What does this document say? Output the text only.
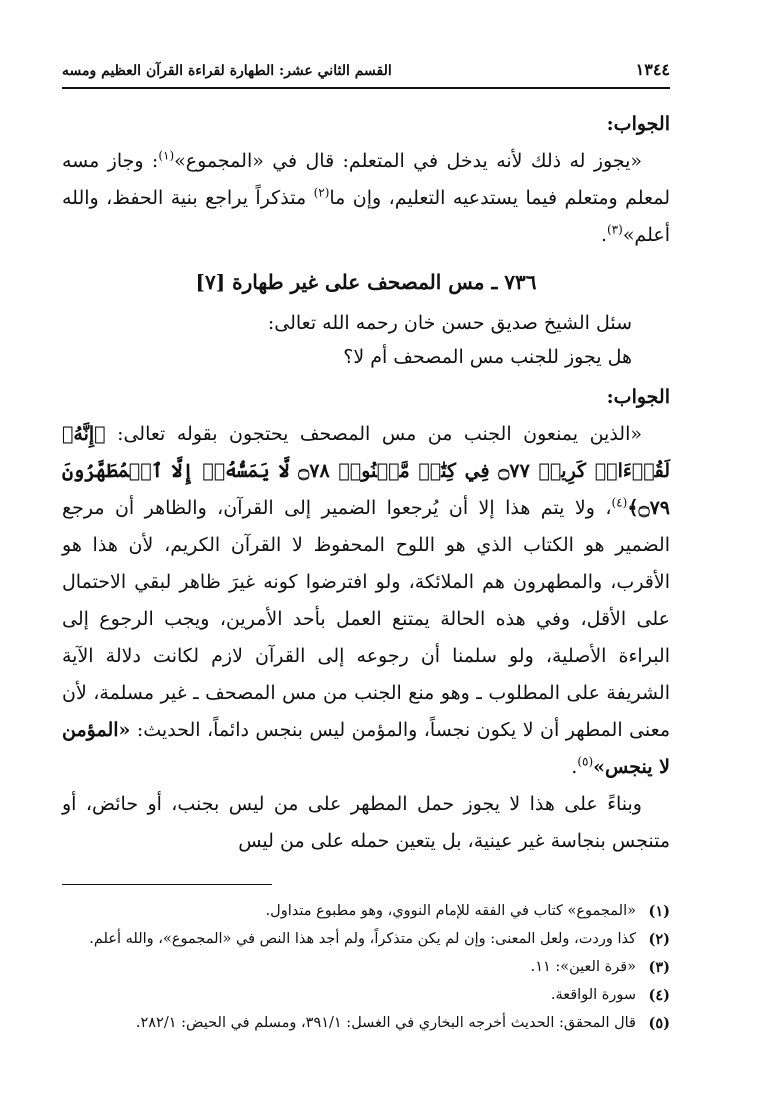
١٣٤٤
القسم الثاني عشر: الطهارة لقراءة القرآن العظيم ومسه
الجواب:

«يجوز له ذلك لأنه يدخل في المتعلم: قال في «المجموع»$^{(١)}$: وجاز مسه لمعلم ومتعلم فيما يستدعيه التعليم، وإن ما$^{(٢)}$ متذكراً يراجع بنية الحفظ، والله أعلم»$^{(٣)}$.

٧٣٦ ـ مس المصحف على غير طهارة [٧]

سئل الشيخ صديق حسن خان رحمه الله تعالى:

هل يجوز للجنب مس المصحف أم لا؟

الجواب:

«الذين يمنعون الجنب من مس المصحف يحتجون بقوله تعالى: ﴿إِنَّهُۥ لَقُرۡءَانٞ كَرِيمٞ ۝٧٧ فِي كِتَٰبٖ مَّكۡنُونٖ ۝٧٨ لَّا يَمَسُّهُۥٓ إِلَّا ٱلۡمُطَهَّرُونَ ۝٧٩﴾$^{(٤)}$، ولا يتم هذا إلا أن يُرجعوا الضمير إلى القرآن، والظاهر أن مرجع الضمير هو الكتاب الذي هو اللوح المحفوظ لا القرآن الكريم، لأن هذا هو الأقرب، والمطهرون هم الملائكة، ولو افترضوا كونه غيرَ ظاهر لبقي الاحتمال على الأقل، وفي هذه الحالة يمتنع العمل بأحد الأمرين، ويجب الرجوع إلى البراءة الأصلية، ولو سلمنا أن رجوعه إلى القرآن لازم لكانت دلالة الآية الشريفة على المطلوب ـ وهو منع الجنب من مس المصحف ـ غير مسلمة، لأن معنى المطهر أن لا يكون نجساً، والمؤمن ليس بنجس دائماً، الحديث: «المؤمن لا ينجس»$^{(٥)}$.

وبناءً على هذا لا يجوز حمل المطهر على من ليس بجنب، أو حائض، أو متنجس بنجاسة غير عينية، بل يتعين حمله على من ليس

(١)
«المجموع» كتاب في الفقه للإمام النووي، وهو مطبوع متداول.
(٢)
كذا وردت، ولعل المعنى: وإن لم يكن متذكراً، ولم أجد هذا النص في «المجموع»، والله أعلم.
(٣)
«قرة العين»: ١١.
(٤)
سورة الواقعة.
(٥)
قال المحقق: الحديث أخرجه البخاري في الغسل: ٣٩١/١، ومسلم في الحيض: ٢٨٢/١.
